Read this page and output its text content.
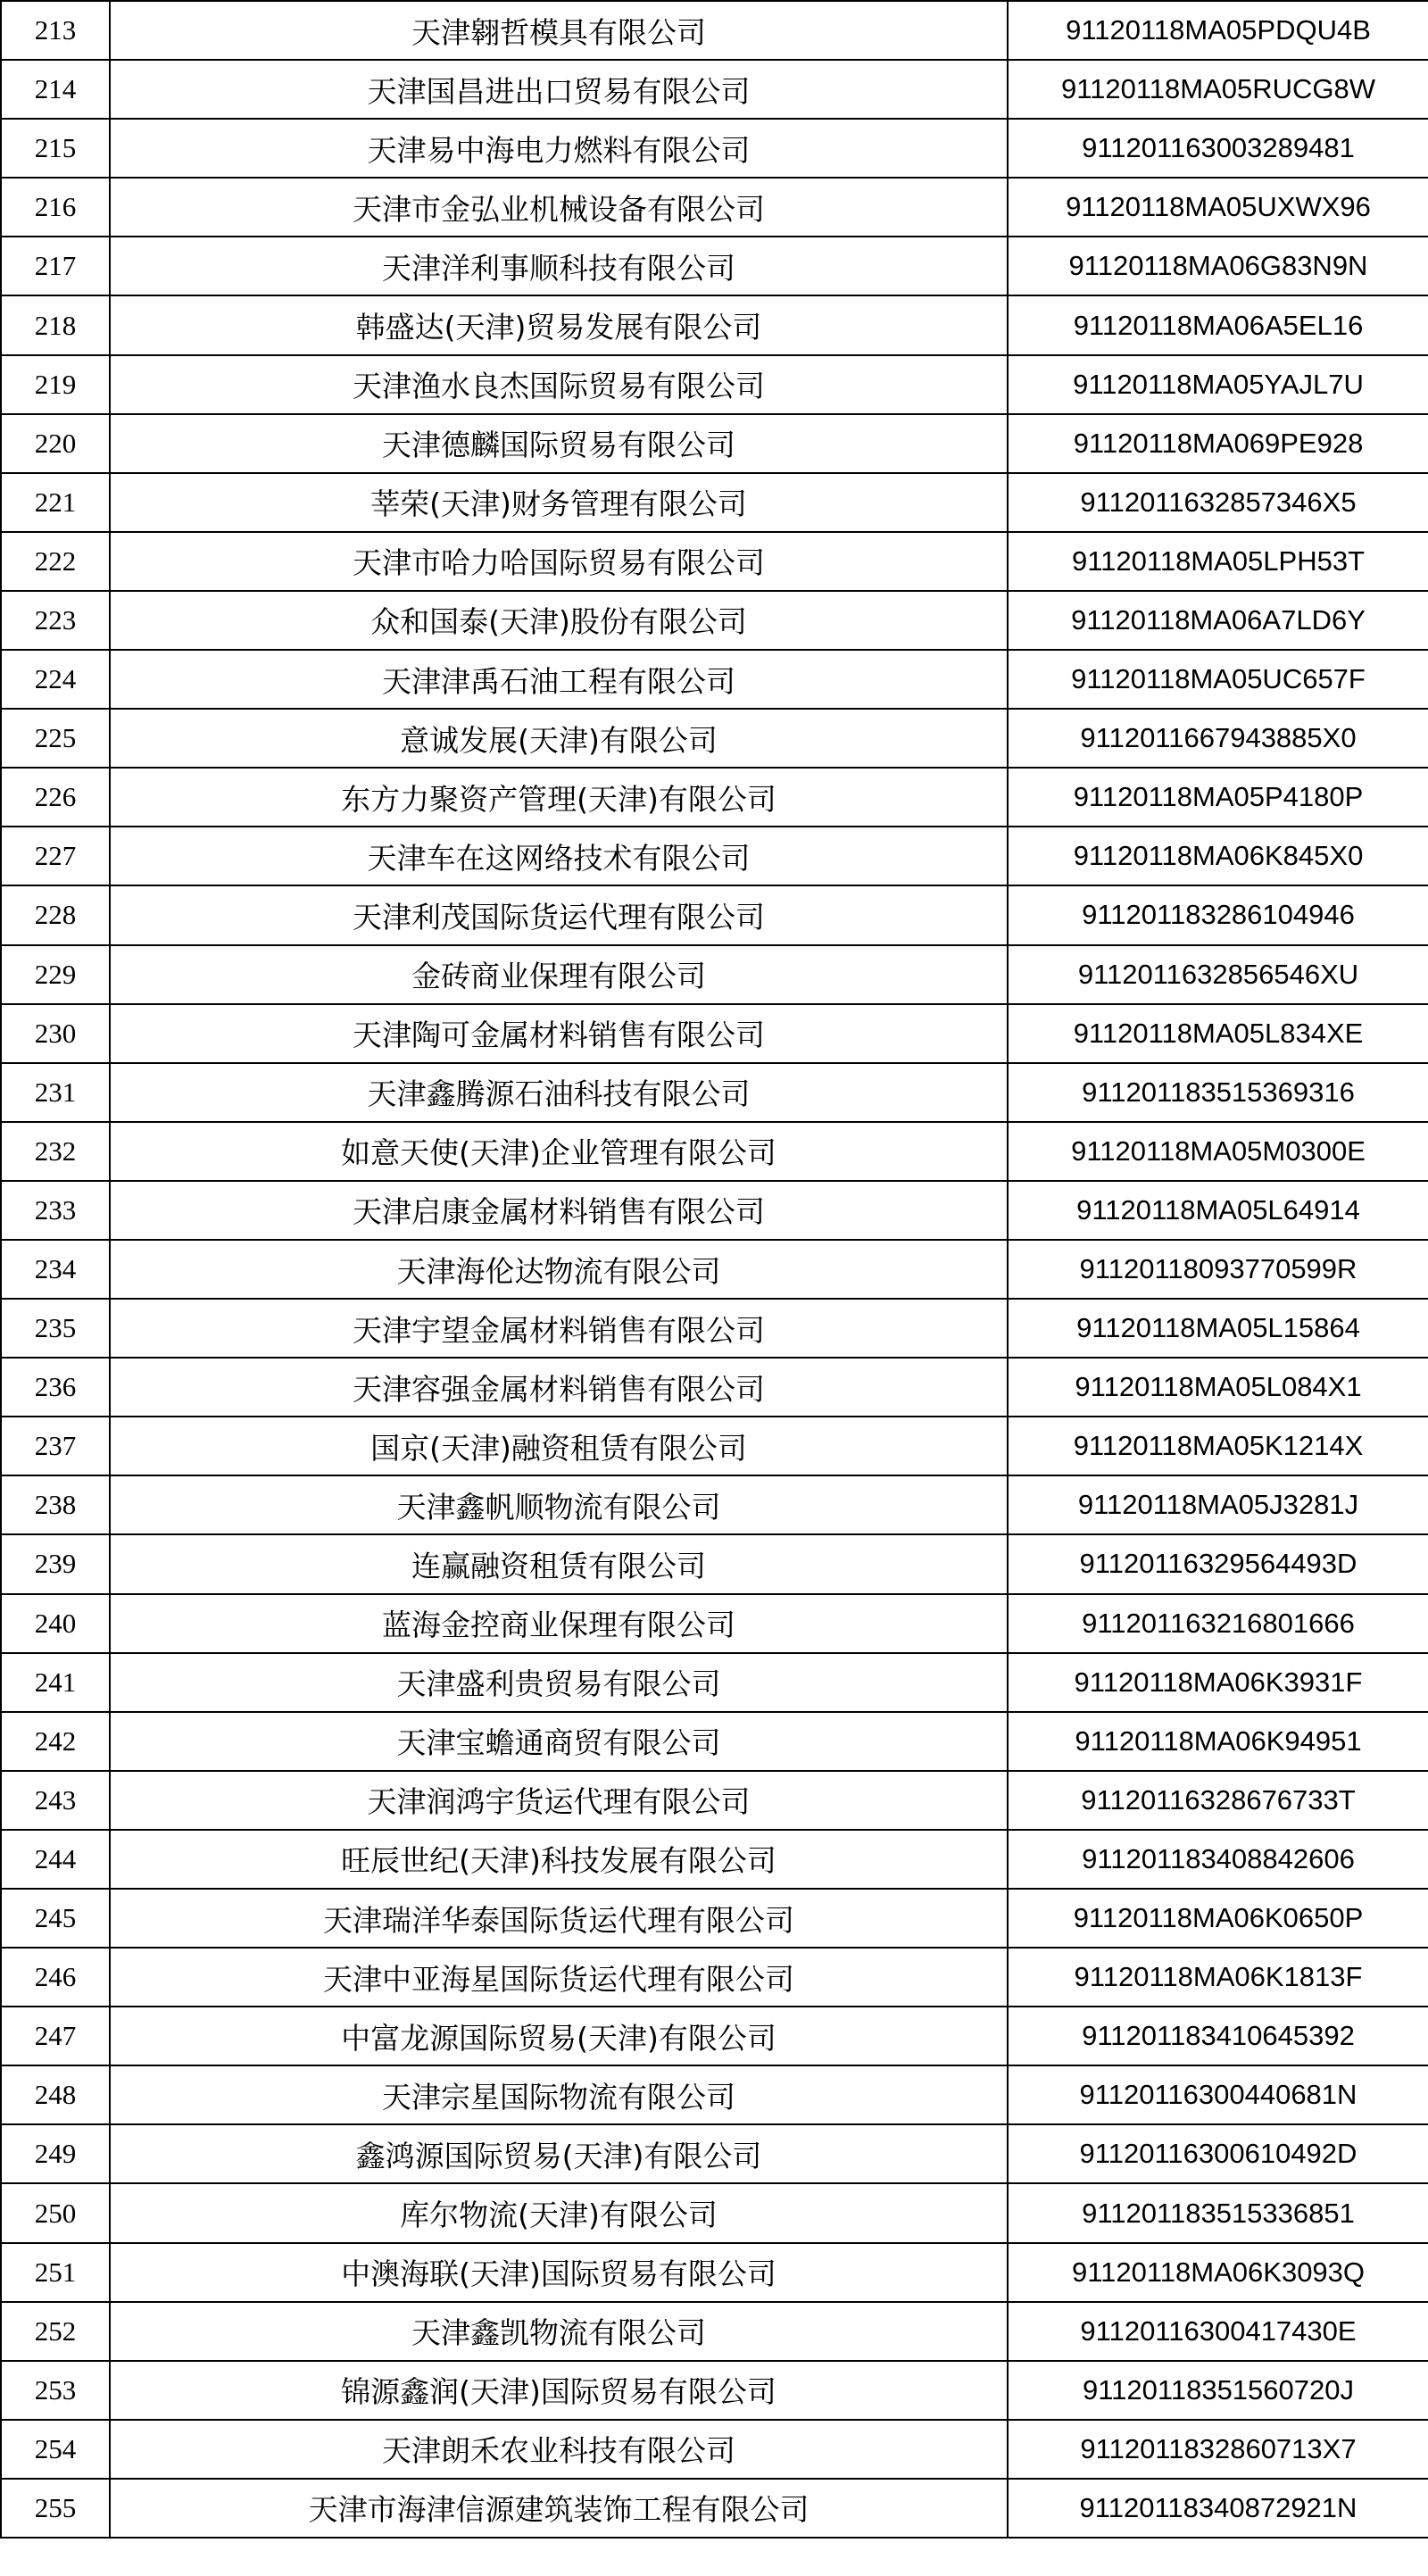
213	天津翱哲模具有限公司	91120118MA05PDQU4B
214	天津国昌进出口贸易有限公司	91120118MA05RUCG8W
215	天津易中海电力燃料有限公司	911201163003289481
216	天津市金弘业机械设备有限公司	91120118MA05UXWX96
217	天津洋利事顺科技有限公司	91120118MA06G83N9N
218	韩盛达(天津)贸易发展有限公司	91120118MA06A5EL16
219	天津渔水良杰国际贸易有限公司	91120118MA05YAJL7U
220	天津德麟国际贸易有限公司	91120118MA069PE928
221	莘荣(天津)财务管理有限公司	911201163285734​6X5
222	天津市哈力哈国际贸易有限公司	91120118MA05LPH53T
223	众和国泰(天津)股份有限公司	91120118MA06A7LD6Y
224	天津津禹石油工程有限公司	91120118MA05UC657F
225	意诚发展(天津)有限公司	91120116679438​85X0
226	东方力聚资产管理(天津)有限公司	91120118MA05P4180P
227	天津车在这网络技术有限公司	91120118MA06K845X0
228	天津利茂国际货运代理有限公司	911201183286104946
229	金砖商业保理有限公司	911201163285654​6XU
230	天津陶可金属材料销售有限公司	91120118MA05L834XE
231	天津鑫腾源石油科技有限公司	911201183515369316
232	如意天使(天津)企业管理有限公司	91120118MA05M0300E
233	天津启康金属材料销售有限公司	91120118MA05L64914
234	天津海伦达物流有限公司	91120118093770599R
235	天津宇望金属材料销售有限公司	91120118MA05L15864
236	天津容强金属材料销售有限公司	91120118MA05L084X1
237	国京(天津)融资租赁有限公司	91120118MA05K1214X
238	天津鑫帆顺物流有限公司	91120118MA05J3281J
239	连赢融资租赁有限公司	91120116329564493D
240	蓝海金控商业保理有限公司	911201163216801666
241	天津盛利贵贸易有限公司	91120118MA06K3931F
242	天津宝蟾通商贸有限公司	91120118MA06K94951
243	天津润鸿宇货运代理有限公司	91120116328676733T
244	旺辰世纪(天津)科技发展有限公司	911201183408842606
245	天津瑞洋华泰国际货运代理有限公司	91120118MA06K0650P
246	天津中亚海星国际货运代理有限公司	91120118MA06K1813F
247	中富龙源国际贸易(天津)有限公司	911201183410645392
248	天津宗星国际物流有限公司	91120116300440681N
249	鑫鸿源国际贸易(天津)有限公司	91120116300610492D
250	库尔物流(天津)有限公司	911201183515336851
251	中澳海联(天津)国际贸易有限公司	91120118MA06K3093Q
252	天津鑫凯物流有限公司	91120116300417430E
253	锦源鑫润(天津)国际贸易有限公司	91120118351560720J
254	天津朗禾农业科技有限公司	91120118328607​13X7
255	天津市海津信源建筑装饰工程有限公司	91120118340872921N
